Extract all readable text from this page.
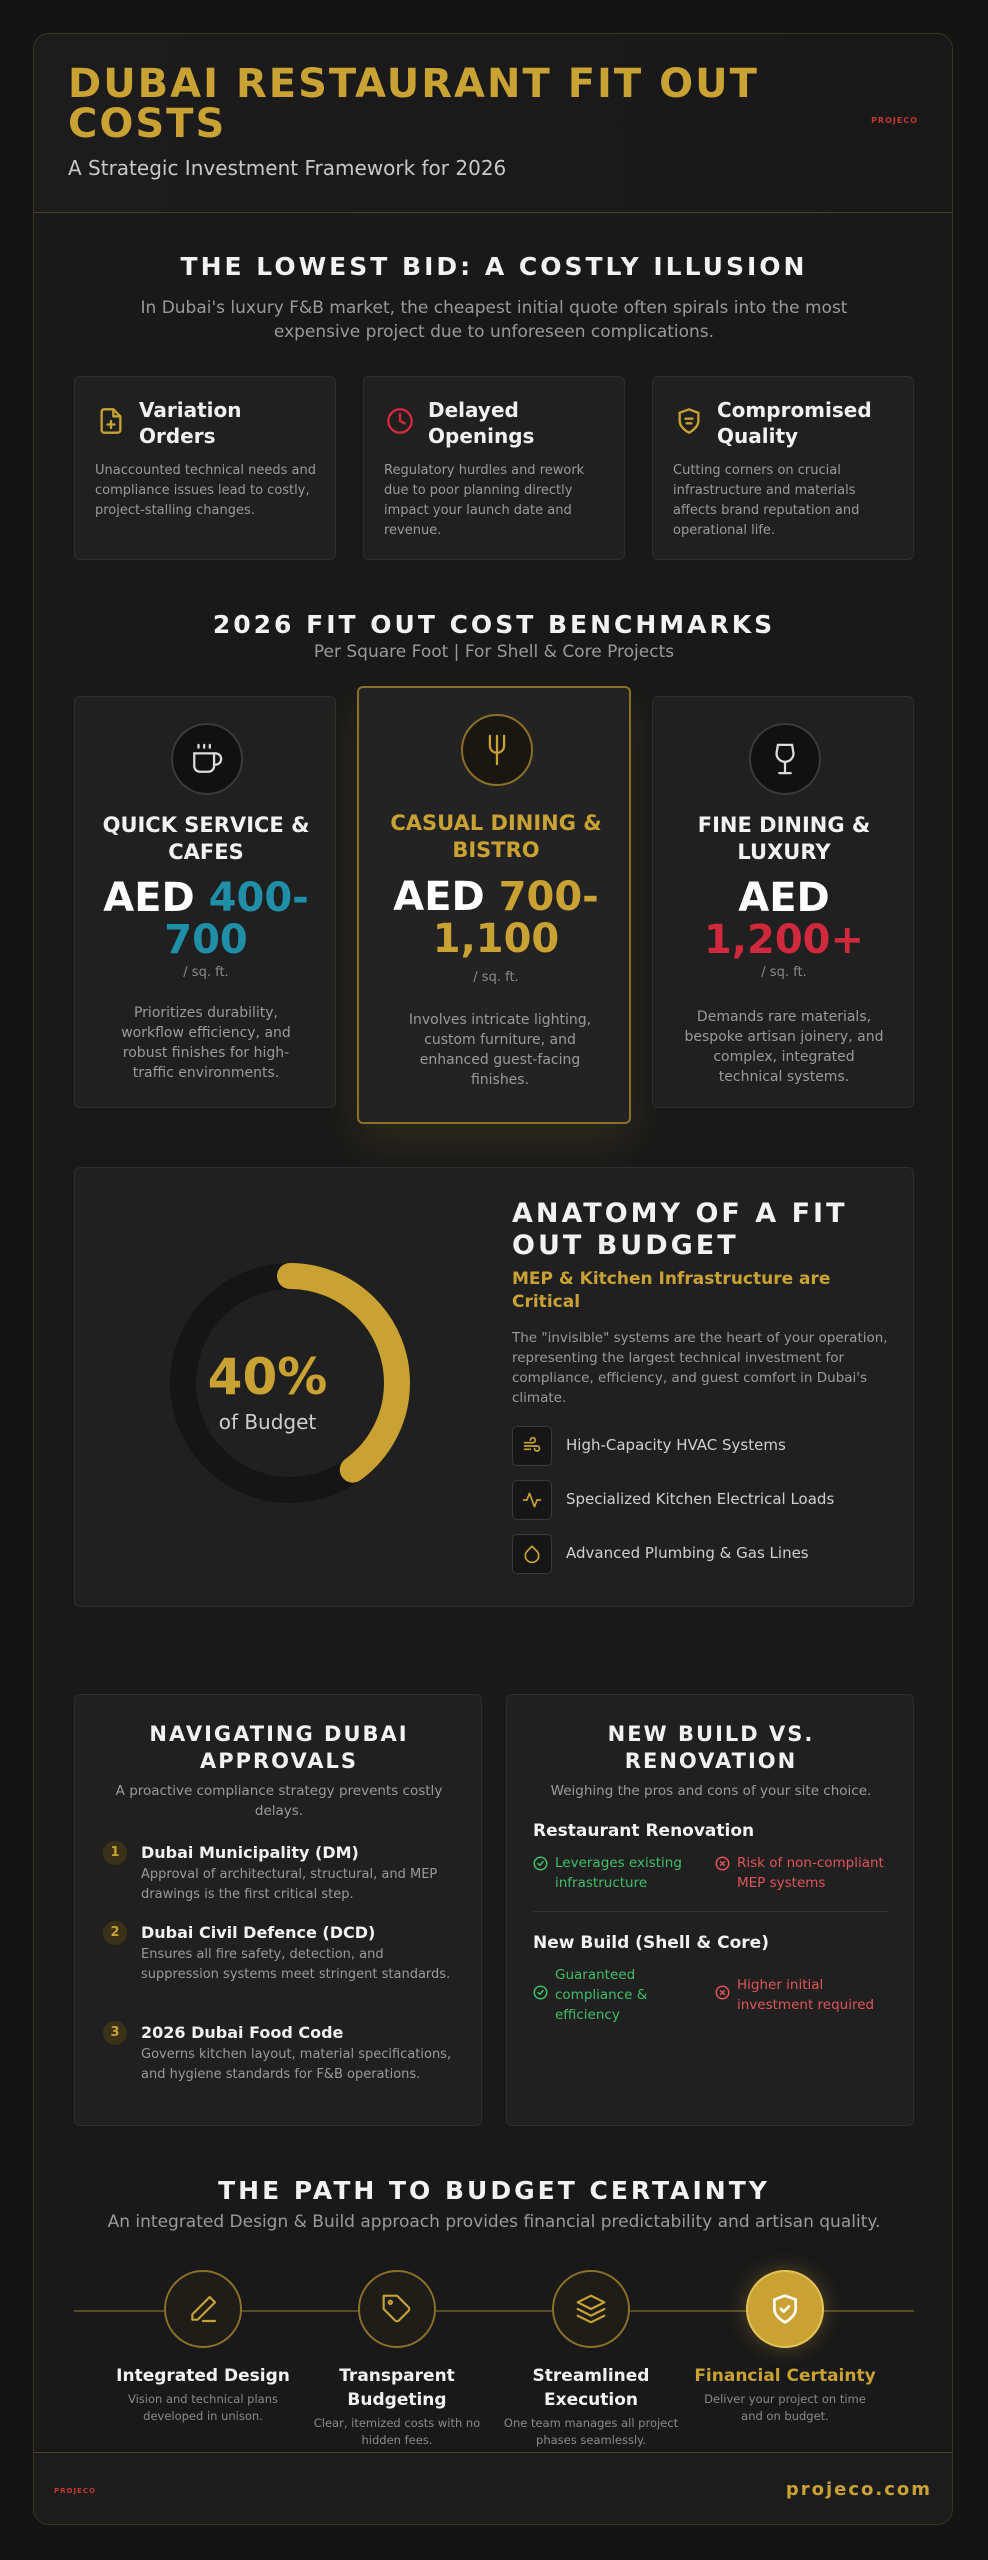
DUBAI RESTAURANT FIT OUT COSTS
A Strategic Investment Framework for 2026
PROJECO
THE LOWEST BID: A COSTLY ILLUSION
In Dubai's luxury F&B market, the cheapest initial quote often spirals into the most expensive project due to unforeseen complications.
Variation Orders
Unaccounted technical needs and compliance issues lead to costly, project-stalling changes.
Delayed Openings
Regulatory hurdles and rework due to poor planning directly impact your launch date and revenue.
Compromised Quality
Cutting corners on crucial infrastructure and materials affects brand reputation and operational life.
2026 FIT OUT COST BENCHMARKS
Per Square Foot | For Shell & Core Projects
QUICK SERVICE & CAFES
AED 400-700
/ sq. ft.
Prioritizes durability, workflow efficiency, and robust finishes for high-traffic environments.
CASUAL DINING & BISTRO
AED 700-1,100
/ sq. ft.
Involves intricate lighting, custom furniture, and enhanced guest-facing finishes.
FINE DINING & LUXURY
AED 1,200+
/ sq. ft.
Demands rare materials, bespoke artisan joinery, and complex, integrated technical systems.
40%
of Budget
ANATOMY OF A FIT OUT BUDGET
MEP & Kitchen Infrastructure are Critical
The "invisible" systems are the heart of your operation, representing the largest technical investment for compliance, efficiency, and guest comfort in Dubai's climate.
High-Capacity HVAC Systems
Specialized Kitchen Electrical Loads
Advanced Plumbing & Gas Lines
NAVIGATING DUBAI APPROVALS
A proactive compliance strategy prevents costly delays.
1	Dubai Municipality (DM)
Approval of architectural, structural, and MEP drawings is the first critical step.
2	Dubai Civil Defence (DCD)
Ensures all fire safety, detection, and suppression systems meet stringent standards.
3	2026 Dubai Food Code
Governs kitchen layout, material specifications, and hygiene standards for F&B operations.
NEW BUILD VS. RENOVATION
Weighing the pros and cons of your site choice.
Restaurant Renovation
Leverages existing infrastructure
Risk of non-compliant MEP systems
New Build (Shell & Core)
Guaranteed compliance & efficiency
Higher initial investment required
THE PATH TO BUDGET CERTAINTY
An integrated Design & Build approach provides financial predictability and artisan quality.
Integrated Design
Vision and technical plans developed in unison.
Transparent Budgeting
Clear, itemized costs with no hidden fees.
Streamlined Execution
One team manages all project phases seamlessly.
Financial Certainty
Deliver your project on time and on budget.
PROJECO	projeco.com
